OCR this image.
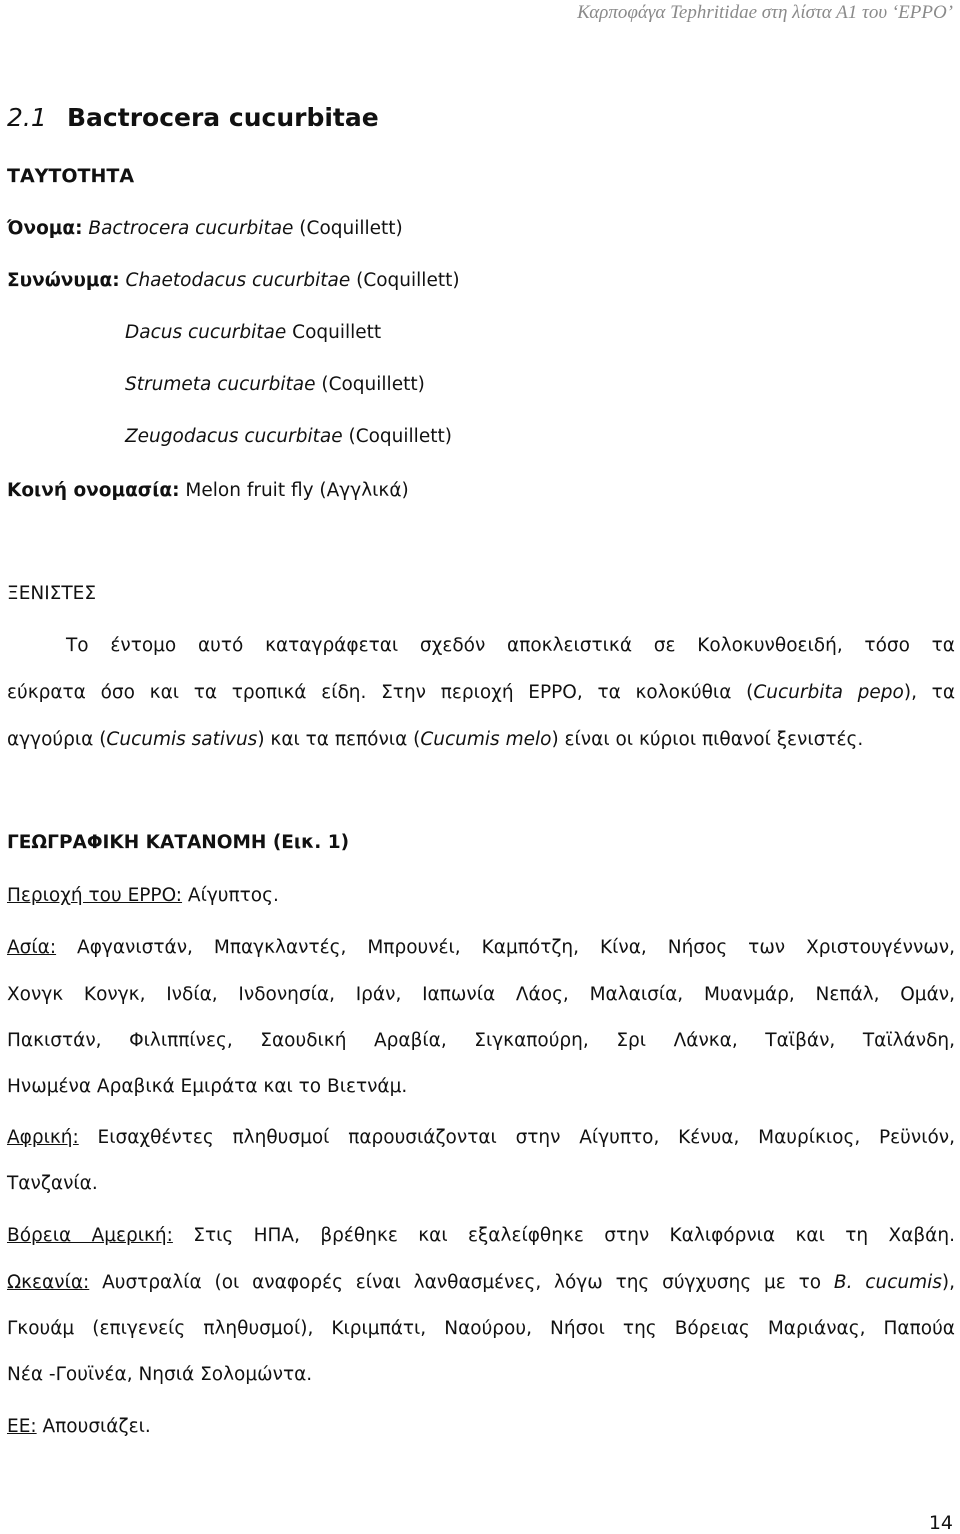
Καρποφάγα Tephritidae στη λίστα Α1 του ‘EPPO’
2.1 Bactrocera cucurbitae
ΤΑΥΤΟΤΗΤΑ
Όνομα: Bactrocera cucurbitae (Coquillett)
Συνώνυμα: Chaetodacus cucurbitae (Coquillett)
Dacus cucurbitae Coquillett
Strumeta cucurbitae (Coquillett)
Zeugodacus cucurbitae (Coquillett)
Κοινή ονομασία: Melon fruit fly (Αγγλικά)
ΞΕΝΙΣΤΕΣ
Το έντομο αυτό καταγράφεται σχεδόν αποκλειστικά σε Κολοκυνθοειδή, τόσο τα
εύκρατα όσο και τα τροπικά είδη. Στην περιοχή EPPO, τα κολοκύθια (Cucurbita pepo), τα
αγγούρια (Cucumis sativus) και τα πεπόνια (Cucumis melo) είναι οι κύριοι πιθανοί ξενιστές.
ΓΕΩΓΡΑΦΙΚΗ ΚΑΤΑΝΟΜΗ (Εικ. 1)
Περιοχή του EPPO: Αίγυπτος.
Ασία: Αφγανιστάν, Μπαγκλαντές, Μπρουνέι, Καμπότζη, Κίνα, Νήσος των Χριστουγέννων,
Χονγκ Κονγκ, Ινδία, Ινδονησία, Ιράν, Ιαπωνία Λάος, Μαλαισία, Μυανμάρ, Νεπάλ, Ομάν,
Πακιστάν, Φιλιππίνες, Σαουδική Αραβία, Σιγκαπούρη, Σρι Λάνκα, Ταϊβάν, Ταϊλάνδη,
Ηνωμένα Αραβικά Εμιράτα και το Βιετνάμ.
Αφρική: Εισαχθέντες πληθυσμοί παρουσιάζονται στην Αίγυπτο, Κένυα, Μαυρίκιος, Ρεϋνιόν,
Τανζανία.
Βόρεια Αμερική: Στις ΗΠΑ, βρέθηκε και εξαλείφθηκε στην Καλιφόρνια και τη Χαβάη.
Ωκεανία: Αυστραλία (οι αναφορές είναι λανθασμένες, λόγω της σύγχυσης με το B. cucumis),
Γκουάμ (επιγενείς πληθυσμοί), Κιριμπάτι, Ναούρου, Νήσοι της Βόρειας Μαριάνας, Παπούα
Νέα -Γουϊνέα, Νησιά Σολομώντα.
ΕΕ: Απουσιάζει.
14
